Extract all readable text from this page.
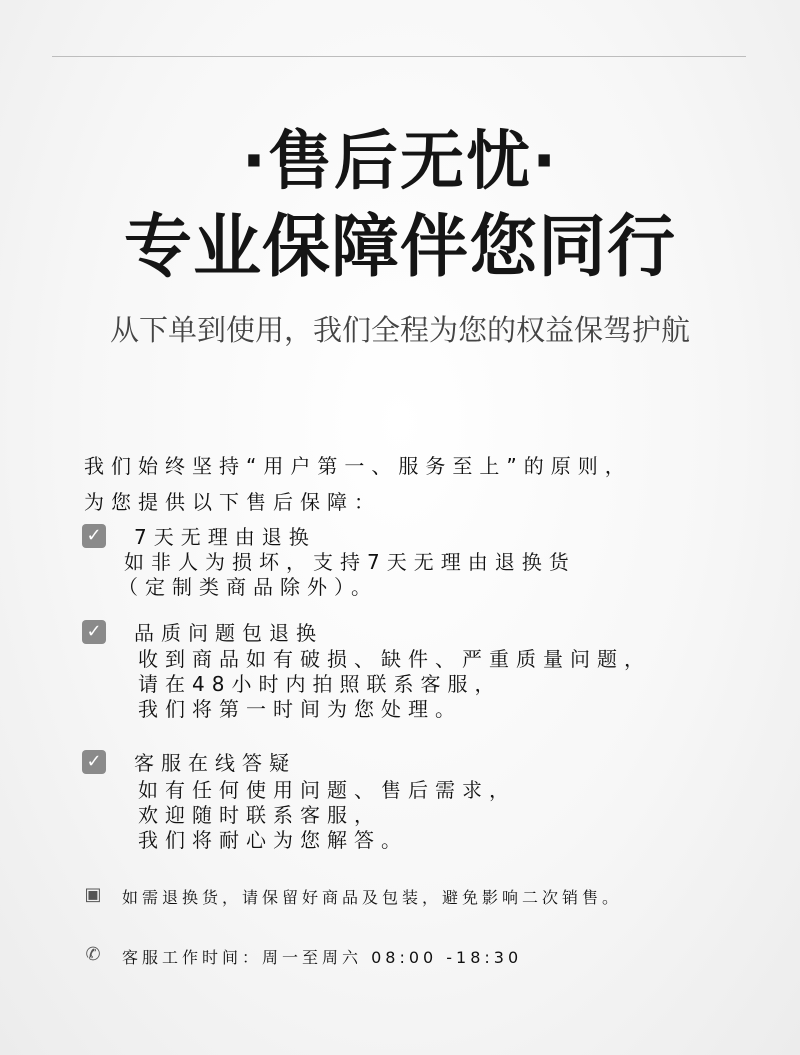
·售后无忧·
专业保障伴您同行
从下单到使用，我们全程为您的权益保驾护航
我们始终坚持“用户第一、服务至上”的原则，
为您提供以下售后保障：
✓ 7天无理由退换
如非人为损坏，支持7天无理由退换货
（定制类商品除外）。
✓ 品质问题包退换
收到商品如有破损、缺件、严重质量问题，
请在48小时内拍照联系客服，
我们将第一时间为您处理。
✓ 客服在线答疑
如有任何使用问题、售后需求，
欢迎随时联系客服，
我们将耐心为您解答。
▣ 如需退换货，请保留好商品及包装，避免影响二次销售。
✆ 客服工作时间：周一至周六 08:00 -18:30
